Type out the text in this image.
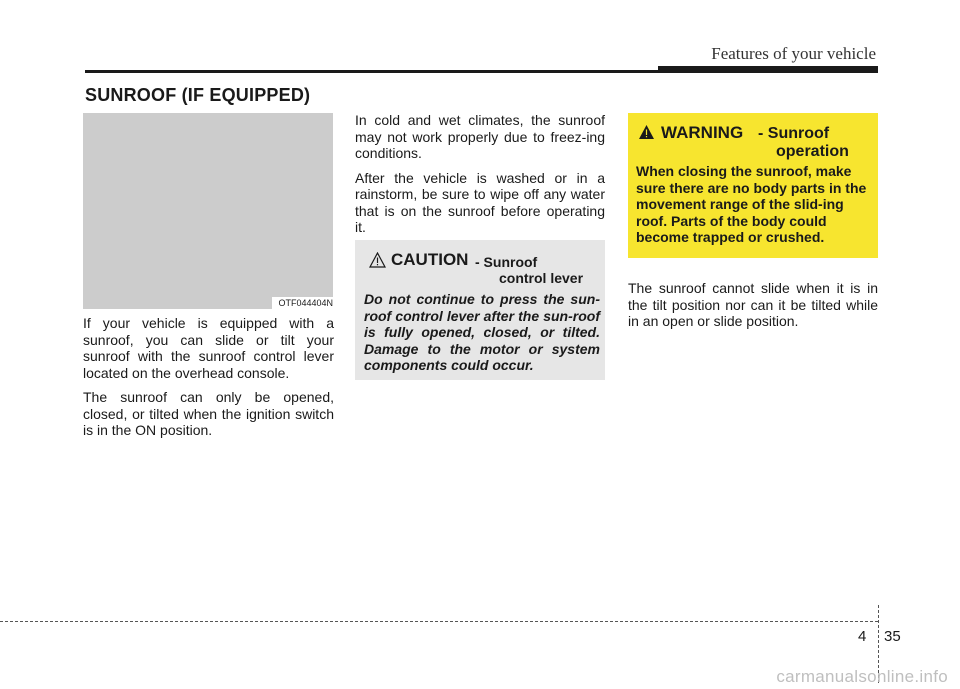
Features of your vehicle
SUNROOF (IF EQUIPPED)
OTF044404N

If your vehicle is equipped with a sunroof, you can slide or tilt your sunroof with the sunroof control lever located on the overhead console.

The sunroof can only be opened, closed, or tilted when the ignition switch is in the ON position.

In cold and wet climates, the sunroof may not work properly due to freez-ing conditions.

After the vehicle is washed or in a rainstorm, be sure to wipe off any water that is on the sunroof before operating it.

CAUTION - Sunroof
control lever
Do not continue to press the sun-roof control lever after the sun-roof is fully opened, closed, or tilted. Damage to the motor or system components could occur.
WARNING - Sunroof
operation
When closing the sunroof, make sure there are no body parts in the movement range of the slid-ing roof. Parts of the body could become trapped or crushed.

The sunroof cannot slide when it is in the tilt position nor can it be tilted while in an open or slide position.

4 35
carmanualsonline.info
